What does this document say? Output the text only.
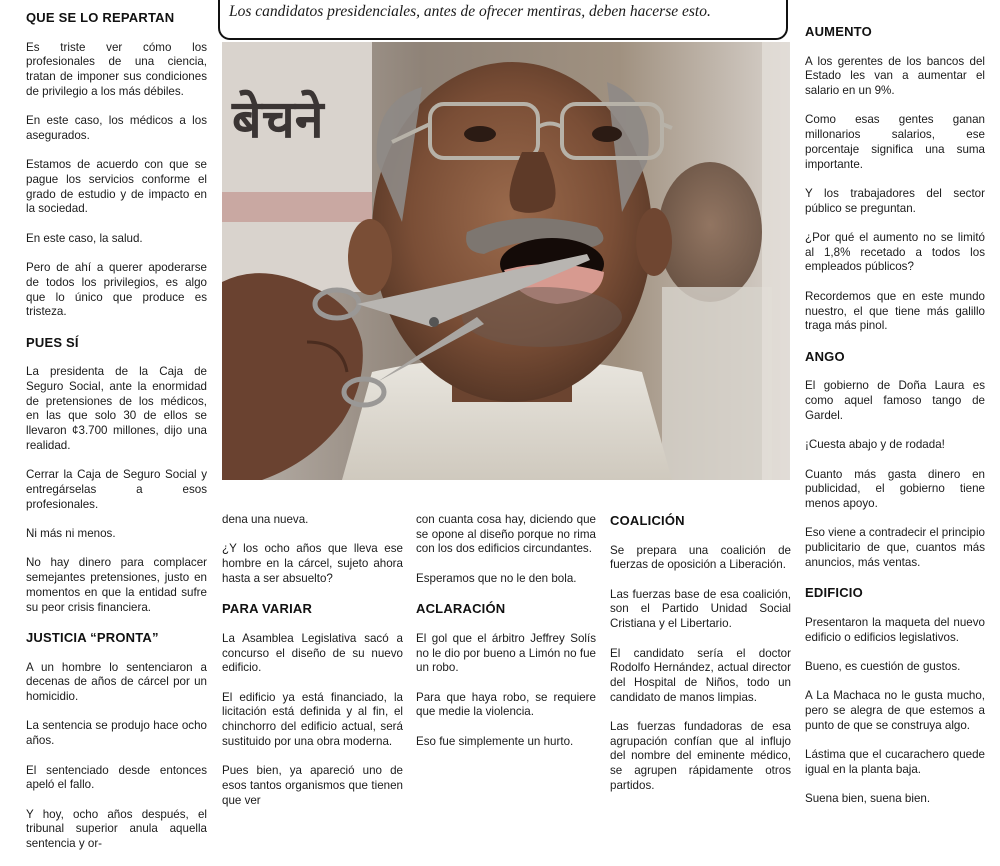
QUE SE LO REPARTAN

Es triste ver cómo los profesionales de una ciencia, tratan de imponer sus condiciones de privilegio a los más débiles.

En este caso, los médicos a los asegurados.

Estamos de acuerdo con que se pague los servicios conforme el grado de estudio y de impacto en la sociedad.

En este caso, la salud.

Pero de ahí a querer apoderarse de todos los privilegios, es algo que lo único que produce es tristeza.

PUES SÍ

La presidenta de la Caja de Seguro Social, ante la enormidad de pretensiones de los médicos, en las que solo 30 de ellos se llevaron ¢3.700 millones, dijo una realidad.

Cerrar la Caja de Seguro Social y entregárselas a esos profesionales.

Ni más ni menos.

No hay dinero para complacer semejantes pretensiones, justo en momentos en que la entidad sufre su peor crisis financiera.

JUSTICIA “PRONTA”

A un hombre lo sentenciaron a decenas de años de cárcel por un homicidio.

La sentencia se produjo hace ocho años.

El sentenciado desde entonces apeló el fallo.

Y hoy, ocho años después, el tribunal superior anula aquella sentencia y or-

Los candidatos presidenciales, antes de ofrecer mentiras, deben hacerse esto.
बेचने

dena una nueva.

¿Y los ocho años que lleva ese hombre en la cárcel, sujeto ahora hasta a ser absuelto?

PARA VARIAR

La Asamblea Legislativa sacó a concurso el diseño de su nuevo edificio.

El edificio ya está financiado, la licitación está definida y al fin, el chinchorro del edificio actual, será sustituido por una obra moderna.

Pues bien, ya apareció uno de esos tantos organismos que tienen que ver

con cuanta cosa hay, diciendo que se opone al diseño porque no rima con los dos edificios circundantes.

Esperamos que no le den bola.

ACLARACIÓN

El gol que el árbitro Jeffrey Solís no le dio por bueno a Limón no fue un robo.

Para que haya robo, se requiere que medie la violencia.

Eso fue simplemente un hurto.

COALICIÓN

Se prepara una coalición de fuerzas de oposición a Liberación.

Las fuerzas base de esa coalición, son el Partido Unidad Social Cristiana y el Libertario.

El candidato sería el doctor Rodolfo Hernández, actual director del Hospital de Niños, todo un candidato de manos limpias.

Las fuerzas fundadoras de esa agrupación confían que al influjo del nombre del eminente médico, se agrupen rápidamente otros partidos.

AUMENTO

A los gerentes de los bancos del Estado les van a aumentar el salario en un 9%.

Como esas gentes ganan millonarios salarios, ese porcentaje significa una suma importante.

Y los trabajadores del sector público se preguntan.

¿Por qué el aumento no se limitó al 1,8% recetado a todos los empleados públicos?

Recordemos que en este mundo nuestro, el que tiene más galillo traga más pinol.

ANGO

El gobierno de Doña Laura es como aquel famoso tango de Gardel.

¡Cuesta abajo y de rodada!

Cuanto más gasta dinero en publicidad, el gobierno tiene menos apoyo.

Eso viene a contradecir el principio publicitario de que, cuantos más anuncios, más ventas.

EDIFICIO

Presentaron la maqueta del nuevo edificio o edificios legislativos.

Bueno, es cuestión de gustos.

A La Machaca no le gusta mucho, pero se alegra de que estemos a punto de que se construya algo.

Lástima que el cucarachero quede igual en la planta baja.

Suena bien, suena bien.
